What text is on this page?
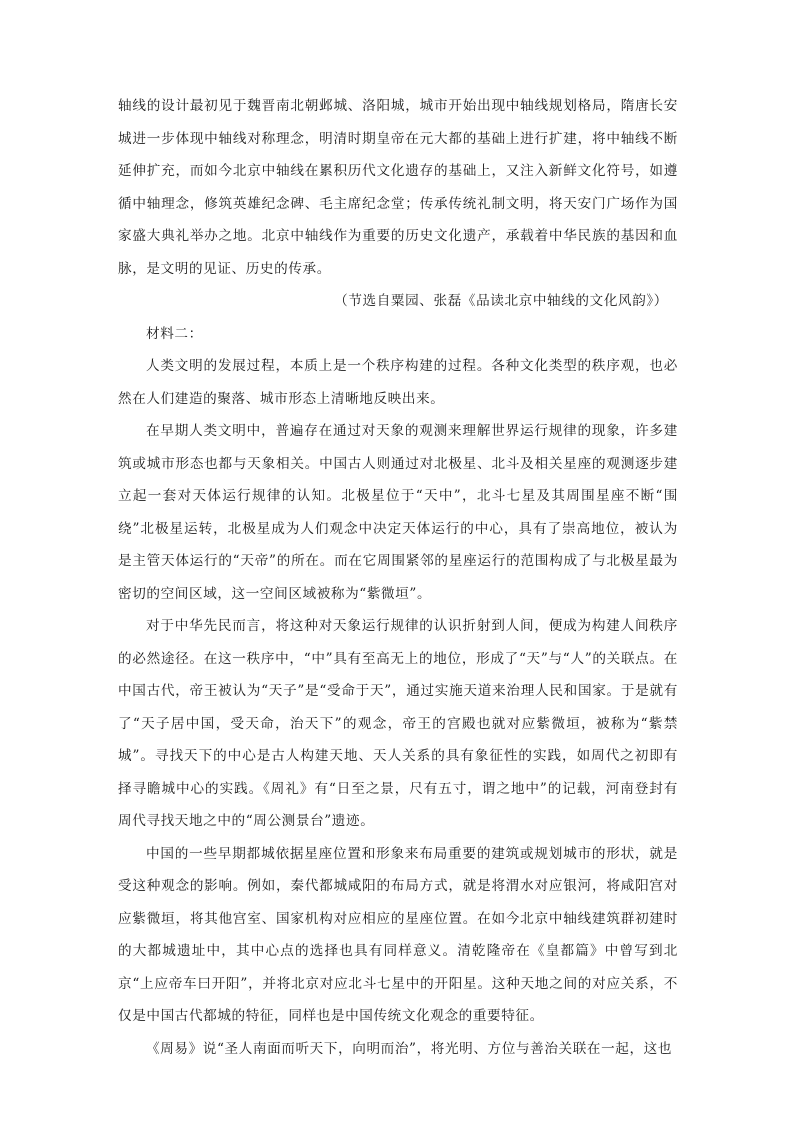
轴线的设计最初见于魏晋南北朝邺城、洛阳城，城市开始出现中轴线规划格局，隋唐长安城进一步体现中轴线对称理念，明清时期皇帝在元大都的基础上进行扩建，将中轴线不断延伸扩充，而如今北京中轴线在累积历代文化遗存的基础上，又注入新鲜文化符号，如遵循中轴理念，修筑英雄纪念碑、毛主席纪念堂；传承传统礼制文明，将天安门广场作为国家盛大典礼举办之地。北京中轴线作为重要的历史文化遗产，承载着中华民族的基因和血脉，是文明的见证、历史的传承。

（节选自粟园、张磊《品读北京中轴线的文化风韵》）

材料二：

人类文明的发展过程，本质上是一个秩序构建的过程。各种文化类型的秩序观，也必然在人们建造的聚落、城市形态上清晰地反映出来。

在早期人类文明中，普遍存在通过对天象的观测来理解世界运行规律的现象，许多建筑或城市形态也都与天象相关。中国古人则通过对北极星、北斗及相关星座的观测逐步建立起一套对天体运行规律的认知。北极星位于“天中”，北斗七星及其周围星座不断“围绕”北极星运转，北极星成为人们观念中决定天体运行的中心，具有了崇高地位，被认为是主管天体运行的“天帝”的所在。而在它周围紧邻的星座运行的范围构成了与北极星最为密切的空间区域，这一空间区域被称为“紫微垣”。

对于中华先民而言，将这种对天象运行规律的认识折射到人间，便成为构建人间秩序的必然途径。在这一秩序中，“中”具有至高无上的地位，形成了“天”与“人”的关联点。在中国古代，帝王被认为“天子”是“受命于天”，通过实施天道来治理人民和国家。于是就有了“天子居中国，受天命，治天下”的观念，帝王的宫殿也就对应紫微垣，被称为“紫禁城”。寻找天下的中心是古人构建天地、天人关系的具有象征性的实践，如周代之初即有择寻瞻城中心的实践。《周礼》有“日至之景，尺有五寸，谓之地中”的记载，河南登封有周代寻找天地之中的“周公测景台”遗迹。

中国的一些早期都城依据星座位置和形象来布局重要的建筑或规划城市的形状，就是受这种观念的影响。例如，秦代都城咸阳的布局方式，就是将渭水对应银河，将咸阳宫对应紫微垣，将其他宫室、国家机构对应相应的星座位置。在如今北京中轴线建筑群初建时的大都城遗址中，其中心点的选择也具有同样意义。清乾隆帝在《皇都篇》中曾写到北京“上应帝车曰开阳”，并将北京对应北斗七星中的开阳星。这种天地之间的对应关系，不仅是中国古代都城的特征，同样也是中国传统文化观念的重要特征。

《周易》说“圣人南面而听天下，向明而治”，将光明、方位与善治关联在一起，这也
